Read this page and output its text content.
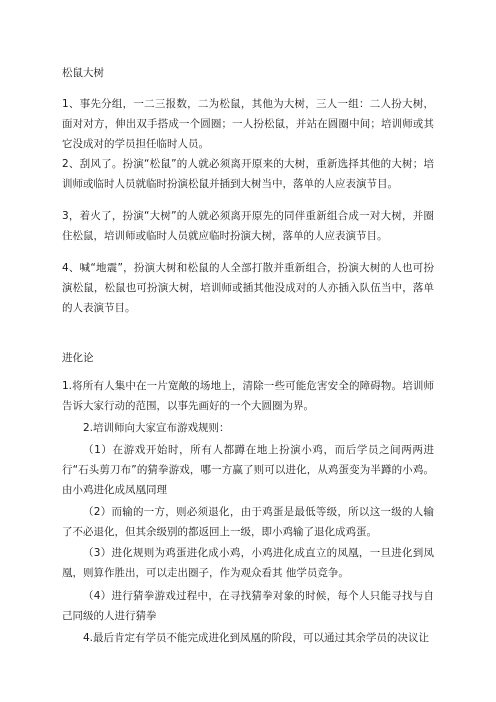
松鼠大树

1、事先分组，一二三报数，二为松鼠，其他为大树，三人一组：二人扮大树，面对对方，伸出双手搭成一个圆圈；一人扮松鼠，并站在圆圈中间；培训师或其它没成对的学员担任临时人员。

2、刮风了。扮演“松鼠”的人就必须离开原来的大树，重新选择其他的大树；培训师或临时人员就临时扮演松鼠并插到大树当中，落单的人应表演节目。

3，着火了，扮演“大树”的人就必须离开原先的同伴重新组合成一对大树，并圈住松鼠，培训师或临时人员就应临时扮演大树，落单的人应表演节目。

4、喊“地震”，扮演大树和松鼠的人全部打散并重新组合，扮演大树的人也可扮演松鼠，松鼠也可扮演大树，培训师或插其他没成对的人亦插入队伍当中，落单的人表演节目。

进化论

1.将所有人集中在一片宽敞的场地上，清除一些可能危害安全的障碍物。培训师告诉大家行动的范围，以事先画好的一个大圆圈为界。

2.培训师向大家宣布游戏规则：

（1）在游戏开始时，所有人都蹲在地上扮演小鸡，而后学员之间两两进行“石头剪刀布”的猜拳游戏，哪一方赢了则可以进化，从鸡蛋变为半蹲的小鸡。由小鸡进化成凤凰同理

（2）而输的一方，则必须退化，由于鸡蛋是最低等级，所以这一级的人输了不必退化，但其余级别的都返回上一级，即小鸡输了退化成鸡蛋。

（3）进化规则为鸡蛋进化成小鸡，小鸡进化成直立的凤凰，一旦进化到凤凰，则算作胜出，可以走出圈子，作为观众看其 他学员竞争。

（4）进行猜拳游戏过程中，在寻找猜拳对象的时候，每个人只能寻找与自己同级的人进行猜拳

4.最后肯定有学员不能完成进化到凤凰的阶段，可以通过其余学员的决议让
